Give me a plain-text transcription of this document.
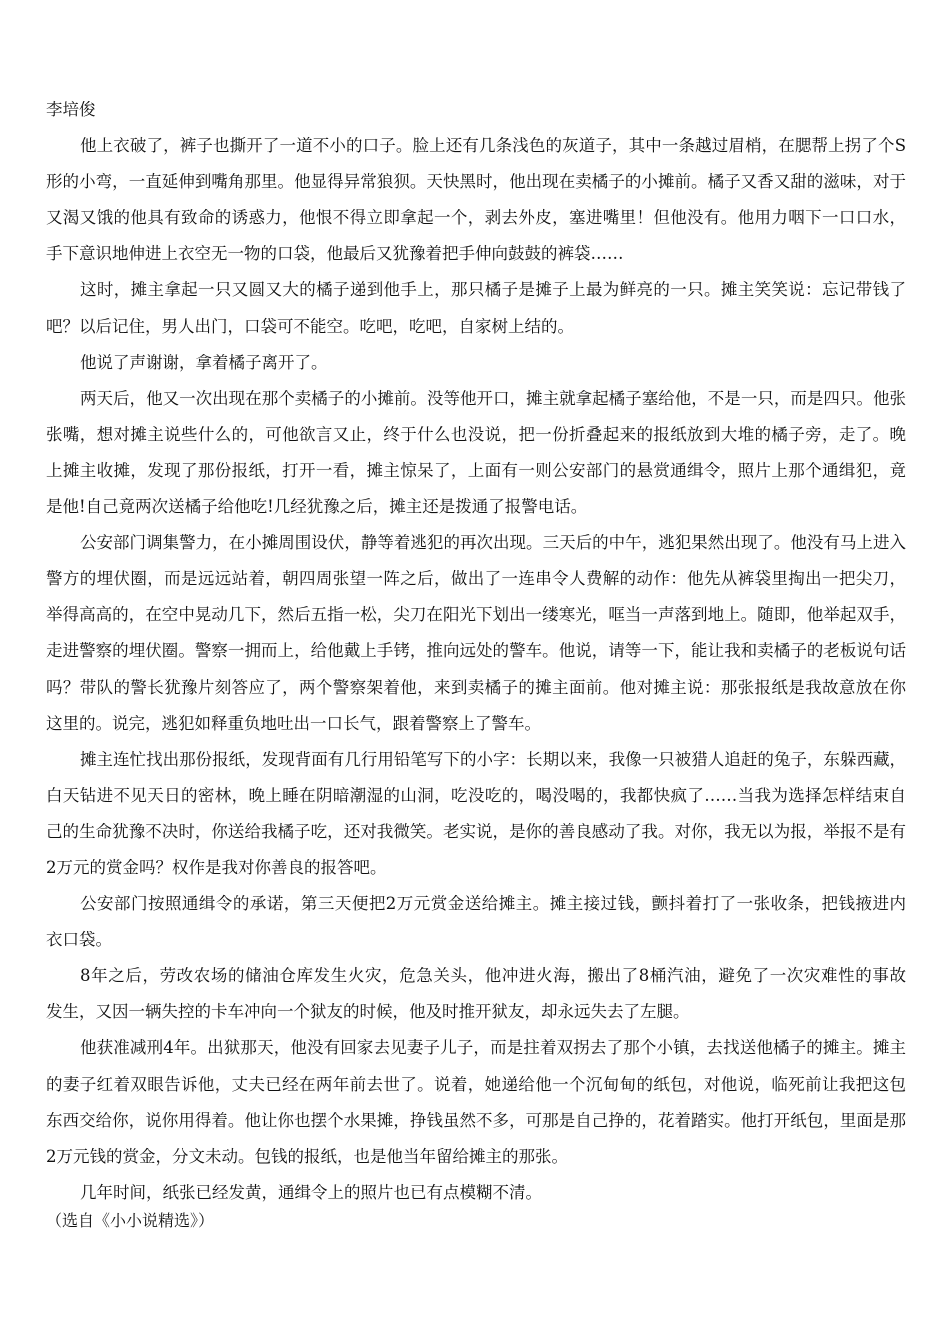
李培俊
他上衣破了，裤子也撕开了一道不小的口子。脸上还有几条浅色的灰道子，其中一条越过眉梢，在腮帮上拐了个S
形的小弯，一直延伸到嘴角那里。他显得异常狼狈。天快黑时，他出现在卖橘子的小摊前。橘子又香又甜的滋味，对于
又渴又饿的他具有致命的诱惑力，他恨不得立即拿起一个，剥去外皮，塞进嘴里！但他没有。他用力咽下一口口水，
手下意识地伸进上衣空无一物的口袋，他最后又犹豫着把手伸向鼓鼓的裤袋……
这时，摊主拿起一只又圆又大的橘子递到他手上，那只橘子是摊子上最为鲜亮的一只。摊主笑笑说：忘记带钱了
吧？以后记住，男人出门，口袋可不能空。吃吧，吃吧，自家树上结的。
他说了声谢谢，拿着橘子离开了。
两天后，他又一次出现在那个卖橘子的小摊前。没等他开口，摊主就拿起橘子塞给他，不是一只，而是四只。他张
张嘴，想对摊主说些什么的，可他欲言又止，终于什么也没说，把一份折叠起来的报纸放到大堆的橘子旁，走了。晚
上摊主收摊，发现了那份报纸，打开一看，摊主惊呆了，上面有一则公安部门的悬赏通缉令，照片上那个通缉犯，竟
是他!自己竟两次送橘子给他吃!几经犹豫之后，摊主还是拨通了报警电话。
公安部门调集警力，在小摊周围设伏，静等着逃犯的再次出现。三天后的中午，逃犯果然出现了。他没有马上进入
警方的埋伏圈，而是远远站着，朝四周张望一阵之后，做出了一连串令人费解的动作：他先从裤袋里掏出一把尖刀，
举得高高的，在空中晃动几下，然后五指一松，尖刀在阳光下划出一缕寒光，哐当一声落到地上。随即，他举起双手，
走进警察的埋伏圈。警察一拥而上，给他戴上手铐，推向远处的警车。他说，请等一下，能让我和卖橘子的老板说句话
吗？带队的警长犹豫片刻答应了，两个警察架着他，来到卖橘子的摊主面前。他对摊主说：那张报纸是我故意放在你
这里的。说完，逃犯如释重负地吐出一口长气，跟着警察上了警车。
摊主连忙找出那份报纸，发现背面有几行用铅笔写下的小字：长期以来，我像一只被猎人追赶的兔子，东躲西藏，
白天钻进不见天日的密林，晚上睡在阴暗潮湿的山洞，吃没吃的，喝没喝的，我都快疯了……当我为选择怎样结束自
己的生命犹豫不决时，你送给我橘子吃，还对我微笑。老实说，是你的善良感动了我。对你，我无以为报，举报不是有
2万元的赏金吗？权作是我对你善良的报答吧。
公安部门按照通缉令的承诺，第三天便把2万元赏金送给摊主。摊主接过钱，颤抖着打了一张收条，把钱掖进内
衣口袋。
8年之后，劳改农场的储油仓库发生火灾，危急关头，他冲进火海，搬出了8桶汽油，避免了一次灾难性的事故
发生，又因一辆失控的卡车冲向一个狱友的时候，他及时推开狱友，却永远失去了左腿。
他获准减刑4年。出狱那天，他没有回家去见妻子儿子，而是拄着双拐去了那个小镇，去找送他橘子的摊主。摊主
的妻子红着双眼告诉他，丈夫已经在两年前去世了。说着，她递给他一个沉甸甸的纸包，对他说，临死前让我把这包
东西交给你，说你用得着。他让你也摆个水果摊，挣钱虽然不多，可那是自己挣的，花着踏实。他打开纸包，里面是那
2万元钱的赏金，分文未动。包钱的报纸，也是他当年留给摊主的那张。
几年时间，纸张已经发黄，通缉令上的照片也已有点模糊不清。
（选自《小小说精选》）
